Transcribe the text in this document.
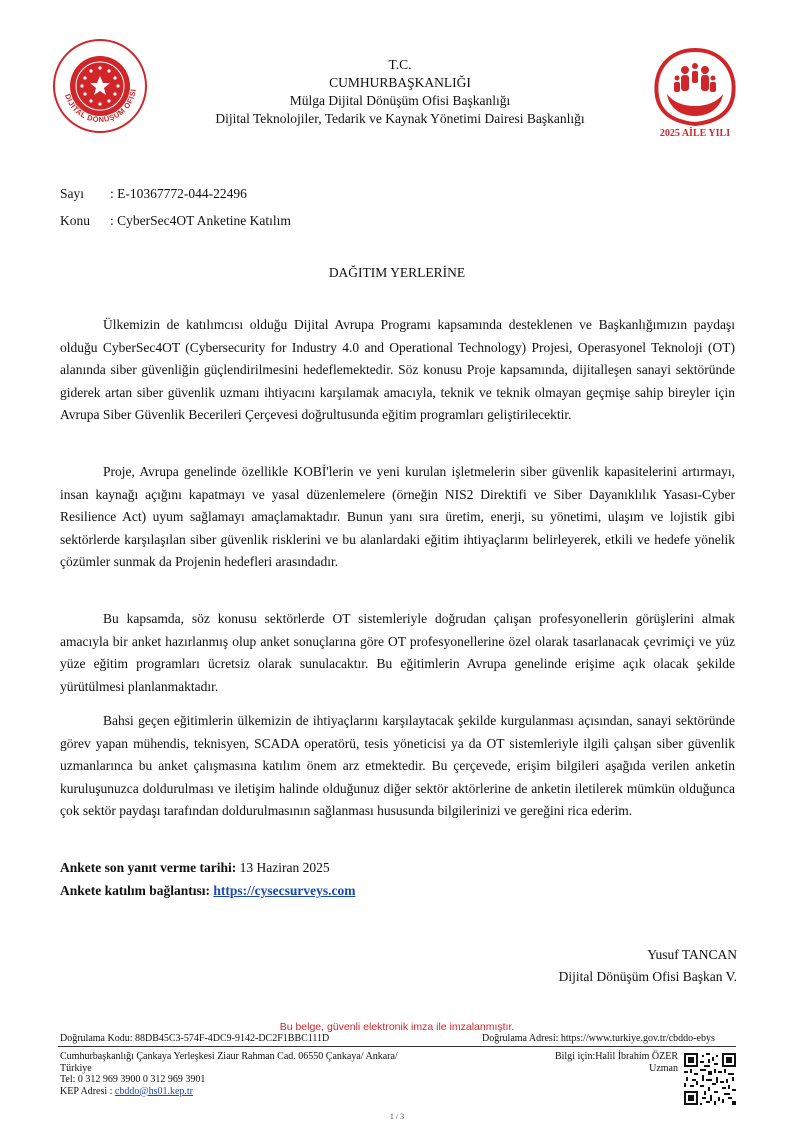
DİJİTAL DÖNÜŞÜM OFİSİ
T.C.
CUMHURBAŞKANLIĞI
Mülga Dijital Dönüşüm Ofisi Başkanlığı
Dijital Teknolojiler, Tedarik ve Kaynak Yönetimi Dairesi Başkanlığı
2025 AİLE YILI
Sayı : E-10367772-044-22496
Konu : CyberSec4OT Anketine Katılım
DAĞITIM YERLERİNE

Ülkemizin de katılımcısı olduğu Dijital Avrupa Programı kapsamında desteklenen ve Başkanlığımızın paydaşı olduğu CyberSec4OT (Cybersecurity for Industry 4.0 and Operational Technology) Projesi, Operasyonel Teknoloji (OT) alanında siber güvenliğin güçlendirilmesini hedeflemektedir. Söz konusu Proje kapsamında, dijitalleşen sanayi sektöründe giderek artan siber güvenlik uzmanı ihtiyacını karşılamak amacıyla, teknik ve teknik olmayan geçmişe sahip bireyler için Avrupa Siber Güvenlik Becerileri Çerçevesi doğrultusunda eğitim programları geliştirilecektir.

Proje, Avrupa genelinde özellikle KOBİ'lerin ve yeni kurulan işletmelerin siber güvenlik kapasitelerini artırmayı, insan kaynağı açığını kapatmayı ve yasal düzenlemelere (örneğin NIS2 Direktifi ve Siber Dayanıklılık Yasası-Cyber Resilience Act) uyum sağlamayı amaçlamaktadır. Bunun yanı sıra üretim, enerji, su yönetimi, ulaşım ve lojistik gibi sektörlerde karşılaşılan siber güvenlik risklerini ve bu alanlardaki eğitim ihtiyaçlarını belirleyerek, etkili ve hedefe yönelik çözümler sunmak da Projenin hedefleri arasındadır.

Bu kapsamda, söz konusu sektörlerde OT sistemleriyle doğrudan çalışan profesyonellerin görüşlerini almak amacıyla bir anket hazırlanmış olup anket sonuçlarına göre OT profesyonellerine özel olarak tasarlanacak çevrimiçi ve yüz yüze eğitim programları ücretsiz olarak sunulacaktır. Bu eğitimlerin Avrupa genelinde erişime açık olacak şekilde yürütülmesi planlanmaktadır.

Bahsi geçen eğitimlerin ülkemizin de ihtiyaçlarını karşılaytacak şekilde kurgulanması açısından, sanayi sektöründe görev yapan mühendis, teknisyen, SCADA operatörü, tesis yöneticisi ya da OT sistemleriyle ilgili çalışan siber güvenlik uzmanlarınca bu anket çalışmasına katılım önem arz etmektedir. Bu çerçevede, erişim bilgileri aşağıda verilen anketin kuruluşunuzca doldurulması ve iletişim halinde olduğunuz diğer sektör aktörlerine de anketin iletilerek mümkün olduğunca çok sektör paydaşı tarafından doldurulmasının sağlanması hususunda bilgilerinizi ve gereğini rica ederim.

Ankete son yanıt verme tarihi: 13 Haziran 2025
Ankete katılım bağlantısı: https://cysecsurveys.com
Yusuf TANCAN
Dijital Dönüşüm Ofisi Başkan V.
Bu belge, güvenli elektronik imza ile imzalanmıştır.
Doğrulama Kodu: 88DB45C3-574F-4DC9-9142-DC2F1BBC111D	Doğrulama Adresi: https://www.turkiye.gov.tr/cbddo-ebys
Cumhurbaşkanlığı Çankaya Yerleşkesi Ziaur Rahman Cad. 06550 Çankaya/ Ankara/
Türkiye
Tel: 0 312 969 3900 0 312 969 3901
KEP Adresi : cbddo@hs01.kep.tr
Bilgi için:Halil İbrahim ÖZER
Uzman
1 / 3
